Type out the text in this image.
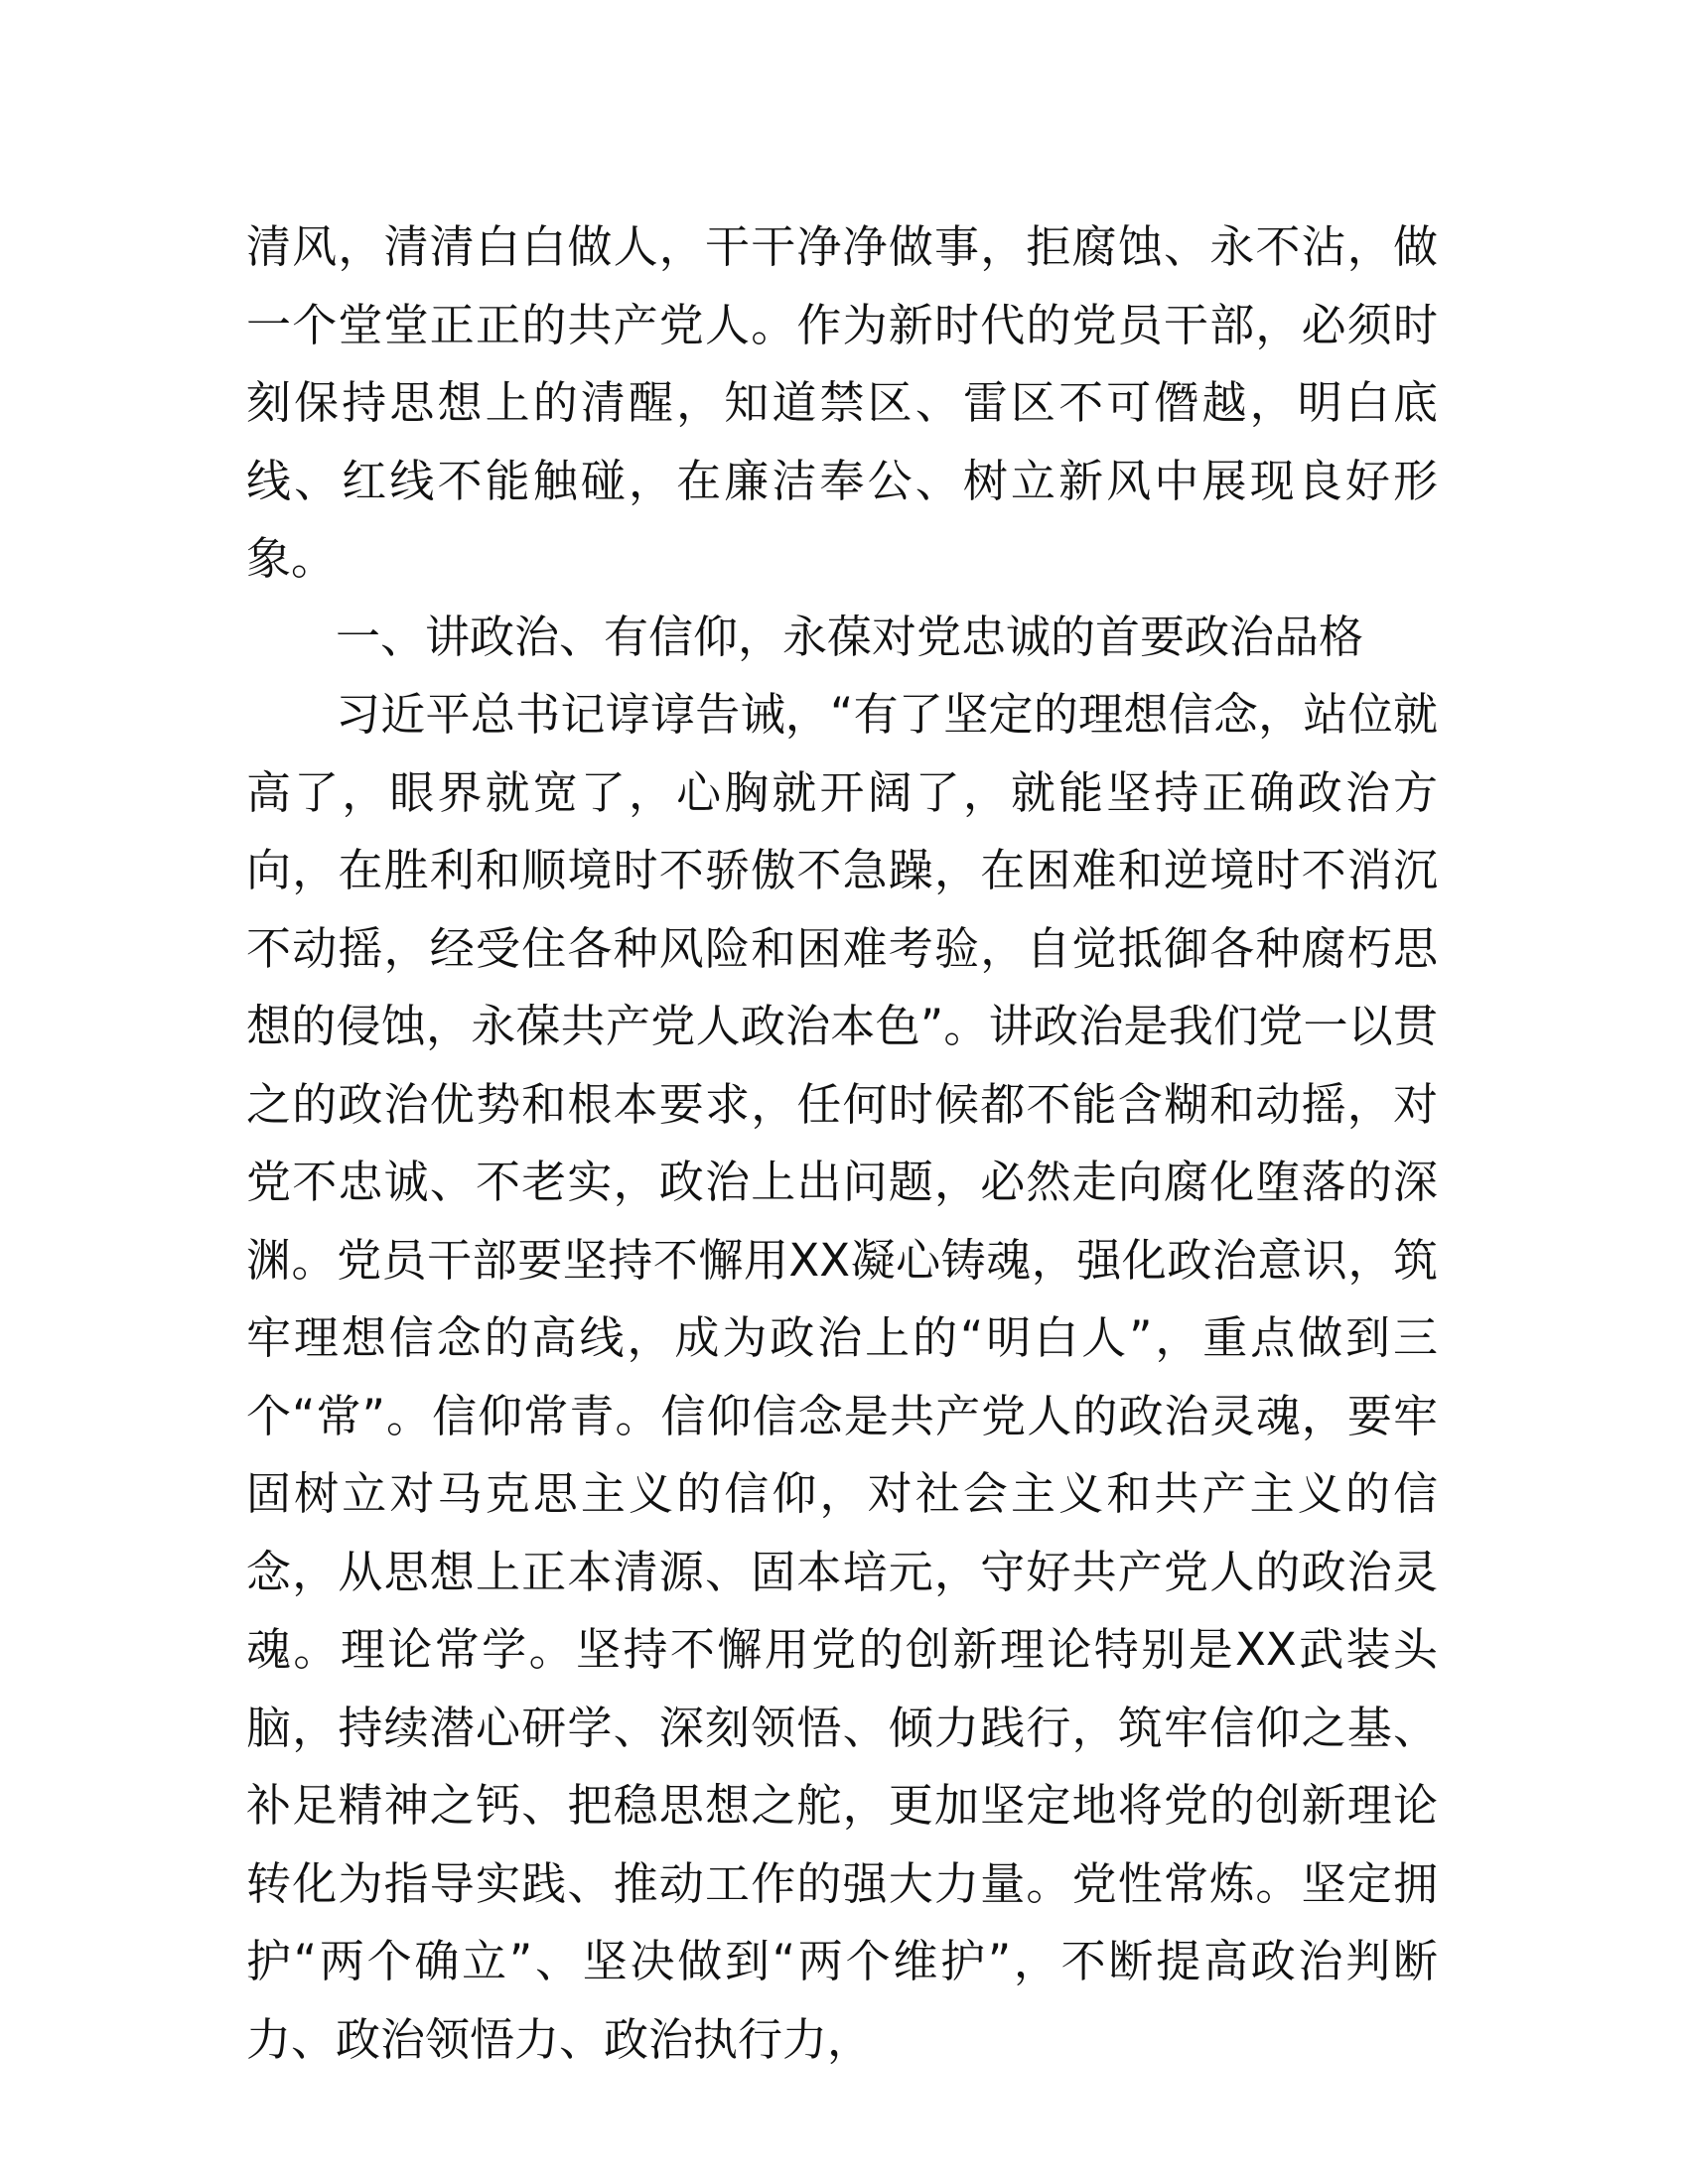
清风，清清白白做人，干干净净做事，拒腐蚀、永不沾，做一个堂堂正正的共产党人。作为新时代的党员干部，必须时刻保持思想上的清醒，知道禁区、雷区不可僭越，明白底线、红线不能触碰，在廉洁奉公、树立新风中展现良好形象。

一、讲政治、有信仰，永葆对党忠诚的首要政治品格

习近平总书记谆谆告诫，“有了坚定的理想信念，站位就高了，眼界就宽了，心胸就开阔了，就能坚持正确政治方向，在胜利和顺境时不骄傲不急躁，在困难和逆境时不消沉不动摇，经受住各种风险和困难考验，自觉抵御各种腐朽思想的侵蚀，永葆共产党人政治本色”。讲政治是我们党一以贯之的政治优势和根本要求，任何时候都不能含糊和动摇，对党不忠诚、不老实，政治上出问题，必然走向腐化堕落的深渊。党员干部要坚持不懈用XX凝心铸魂，强化政治意识，筑牢理想信念的高线，成为政治上的“明白人”，重点做到三个“常”。信仰常青。信仰信念是共产党人的政治灵魂，要牢固树立对马克思主义的信仰，对社会主义和共产主义的信念，从思想上正本清源、固本培元，守好共产党人的政治灵魂。理论常学。坚持不懈用党的创新理论特别是XX武装头脑，持续潜心研学、深刻领悟、倾力践行，筑牢信仰之基、补足精神之钙、把稳思想之舵，更加坚定地将党的创新理论转化为指导实践、推动工作的强大力量。党性常炼。坚定拥护“两个确立”、坚决做到“两个维护”，不断提高政治判断力、政治领悟力、政治执行力，
